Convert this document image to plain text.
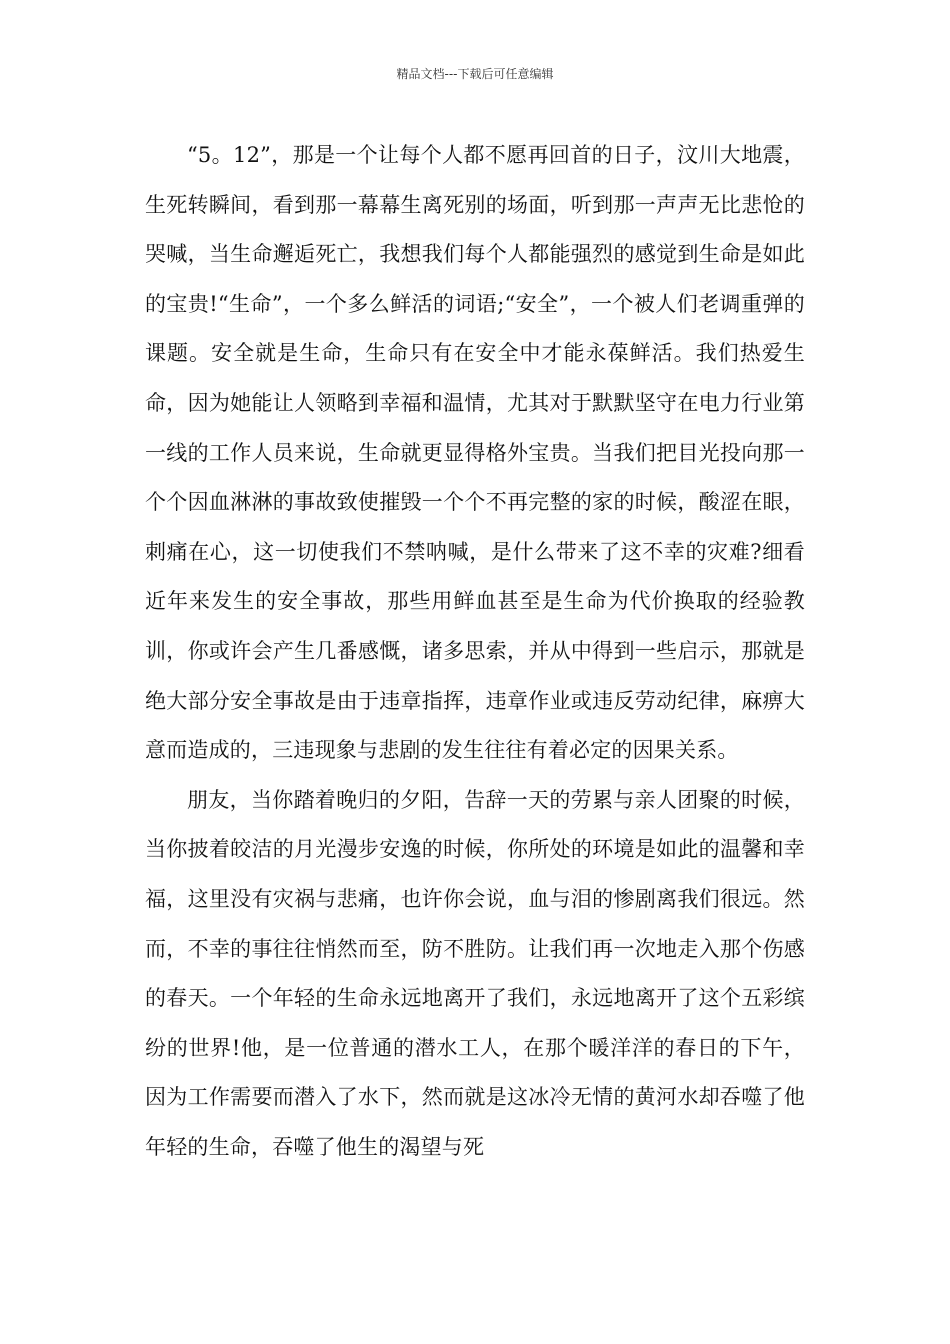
精品文档---下载后可任意编辑

“5。12”，那是一个让每个人都不愿再回首的日子，汶川大地震，生死转瞬间，看到那一幕幕生离死别的场面，听到那一声声无比悲怆的哭喊，当生命邂逅死亡，我想我们每个人都能强烈的感觉到生命是如此的宝贵!“生命”，一个多么鲜活的词语;“安全”，一个被人们老调重弹的课题。安全就是生命，生命只有在安全中才能永葆鲜活。我们热爱生命，因为她能让人领略到幸福和温情，尤其对于默默坚守在电力行业第一线的工作人员来说，生命就更显得格外宝贵。当我们把目光投向那一个个因血淋淋的事故致使摧毁一个个不再完整的家的时候，酸涩在眼，刺痛在心，这一切使我们不禁呐喊，是什么带来了这不幸的灾难?细看近年来发生的安全事故，那些用鲜血甚至是生命为代价换取的经验教训，你或许会产生几番感慨，诸多思索，并从中得到一些启示，那就是绝大部分安全事故是由于违章指挥，违章作业或违反劳动纪律，麻痹大意而造成的，三违现象与悲剧的发生往往有着必定的因果关系。

朋友，当你踏着晚归的夕阳，告辞一天的劳累与亲人团聚的时候，当你披着皎洁的月光漫步安逸的时候，你所处的环境是如此的温馨和幸福，这里没有灾祸与悲痛，也许你会说，血与泪的惨剧离我们很远。然而，不幸的事往往悄然而至，防不胜防。让我们再一次地走入那个伤感的春天。一个年轻的生命永远地离开了我们，永远地离开了这个五彩缤纷的世界!他，是一位普通的潜水工人，在那个暖洋洋的春日的下午，因为工作需要而潜入了水下，然而就是这冰冷无情的黄河水却吞噬了他年轻的生命，吞噬了他生的渴望与死
